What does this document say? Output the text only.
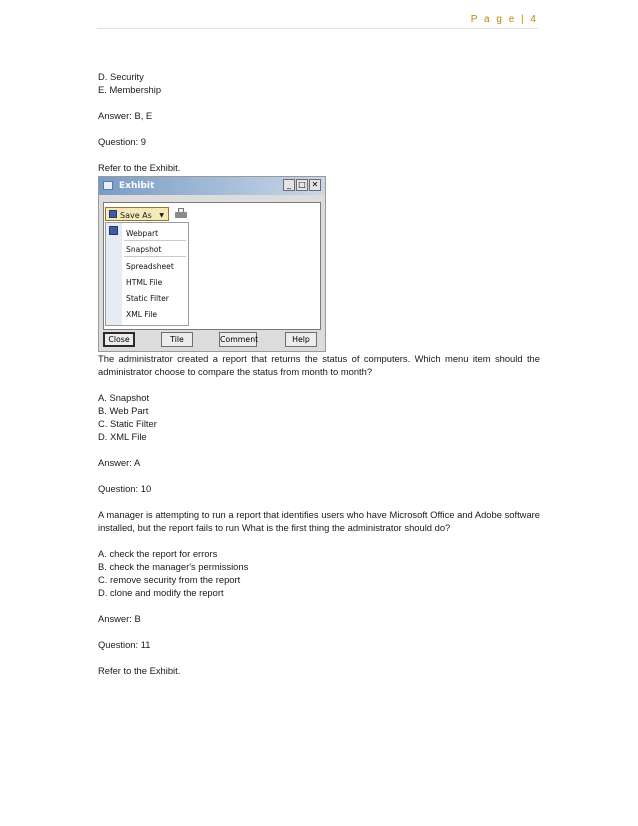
P a g e | 4

D. Security

E. Membership

Answer: B, E

Question: 9

Refer to the Exhibit.

Exhibit	_ □ ✕
Save As ▼
Webpart
Snapshot
Spreadsheet
HTML File
Static Filter
XML File
Close	Tile	Comment	Help

The administrator created a report that returns the status of computers. Which menu item should the administrator choose to compare the status from month to month?

A. Snapshot

B. Web Part

C. Static Filter

D. XML File

Answer: A

Question: 10

A manager is attempting to run a report that identifies users who have Microsoft Office and Adobe software installed, but the report fails to run What is the first thing the administrator should do?

A. check the report for errors

B. check the manager's permissions

C. remove security from the report

D. clone and modify the report

Answer: B

Question: 11

Refer to the Exhibit.
